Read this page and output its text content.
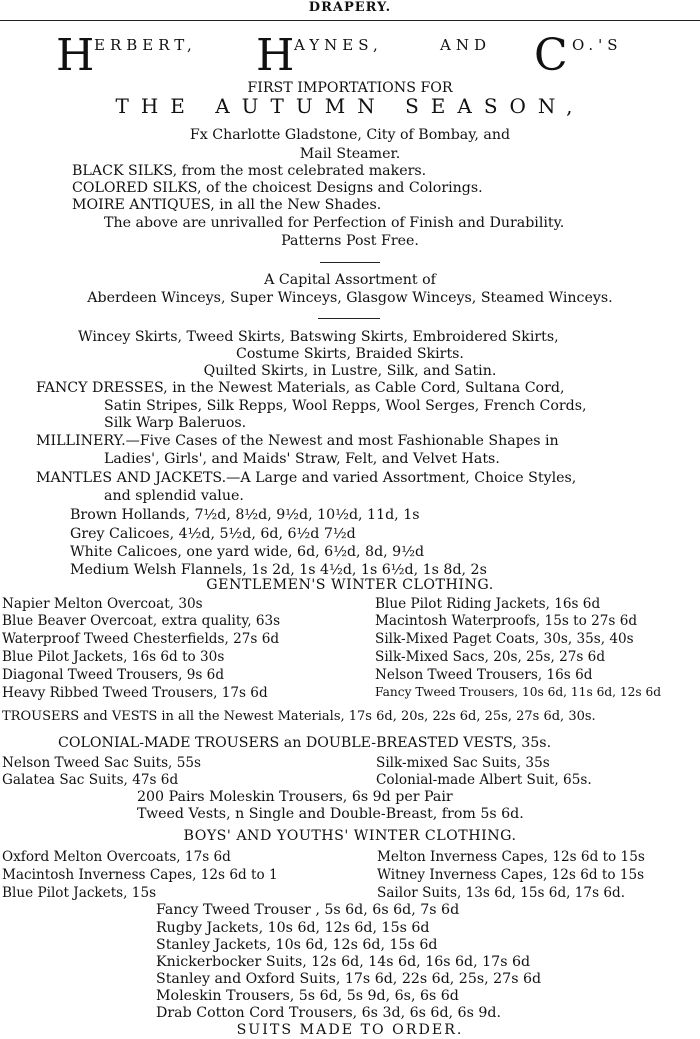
DRAPERY.
H ERBERT, H AYNES,	AND C O.'S
FIRST IMPORTATIONS FOR
THE AUTUMN SEASON,
Fx Charlotte Gladstone, City of Bombay, and
Mail Steamer.
BLACK SILKS, from the most celebrated makers.
COLORED SILKS, of the choicest Designs and Colorings.
MOIRE ANTIQUES, in all the New Shades.
The above are unrivalled for Perfection of Finish and Durability.
Patterns Post Free.
A Capital Assortment of
Aberdeen Winceys, Super Winceys, Glasgow Winceys, Steamed Winceys.
Wincey Skirts, Tweed Skirts, Batswing Skirts, Embroidered Skirts,
Costume Skirts, Braided Skirts.
Quilted Skirts, in Lustre, Silk, and Satin.
FANCY DRESSES, in the Newest Materials, as Cable Cord, Sultana Cord,
Satin Stripes, Silk Repps, Wool Repps, Wool Serges, French Cords,
Silk Warp Baleruos.
MILLINERY.—Five Cases of the Newest and most Fashionable Shapes in
Ladies', Girls', and Maids' Straw, Felt, and Velvet Hats.
MANTLES AND JACKETS.—A Large and varied Assortment, Choice Styles,
and splendid value.
Brown Hollands, 7½d, 8½d, 9½d, 10½d, 11d, 1s
Grey Calicoes, 4½d, 5½d, 6d, 6½d 7½d
White Calicoes, one yard wide, 6d, 6½d, 8d, 9½d
Medium Welsh Flannels, 1s 2d, 1s 4½d, 1s 6½d, 1s 8d, 2s
GENTLEMEN'S WINTER CLOTHING.
Napier Melton Overcoat, 30s
Blue Beaver Overcoat, extra quality, 63s
Waterproof Tweed Chesterfields, 27s 6d
Blue Pilot Jackets, 16s 6d to 30s
Diagonal Tweed Trousers, 9s 6d
Heavy Ribbed Tweed Trousers, 17s 6d
Blue Pilot Riding Jackets, 16s 6d
Macintosh Waterproofs, 15s to 27s 6d
Silk-Mixed Paget Coats, 30s, 35s, 40s
Silk-Mixed Sacs, 20s, 25s, 27s 6d
Nelson Tweed Trousers, 16s 6d
Fancy Tweed Trousers, 10s 6d, 11s 6d, 12s 6d
TROUSERS and VESTS in all the Newest Materials, 17s 6d, 20s, 22s 6d, 25s, 27s 6d, 30s.
COLONIAL-MADE TROUSERS an DOUBLE-BREASTED VESTS, 35s.
Nelson Tweed Sac Suits, 55s
Galatea Sac Suits, 47s 6d
Silk-mixed Sac Suits, 35s
Colonial-made Albert Suit, 65s.
200 Pairs Moleskin Trousers, 6s 9d per Pair
Tweed Vests, n Single and Double-Breast, from 5s 6d.
BOYS' AND YOUTHS' WINTER CLOTHING.
Oxford Melton Overcoats, 17s 6d
Macintosh Inverness Capes, 12s 6d to 1
Blue Pilot Jackets, 15s
Melton Inverness Capes, 12s 6d to 15s
Witney Inverness Capes, 12s 6d to 15s
Sailor Suits, 13s 6d, 15s 6d, 17s 6d.
Fancy Tweed Trouser , 5s 6d, 6s 6d, 7s 6d
Rugby Jackets, 10s 6d, 12s 6d, 15s 6d
Stanley Jackets, 10s 6d, 12s 6d, 15s 6d
Knickerbocker Suits, 12s 6d, 14s 6d, 16s 6d, 17s 6d
Stanley and Oxford Suits, 17s 6d, 22s 6d, 25s, 27s 6d
Moleskin Trousers, 5s 6d, 5s 9d, 6s, 6s 6d
Drab Cotton Cord Trousers, 6s 3d, 6s 6d, 6s 9d.
SUITS MADE TO ORDER.
